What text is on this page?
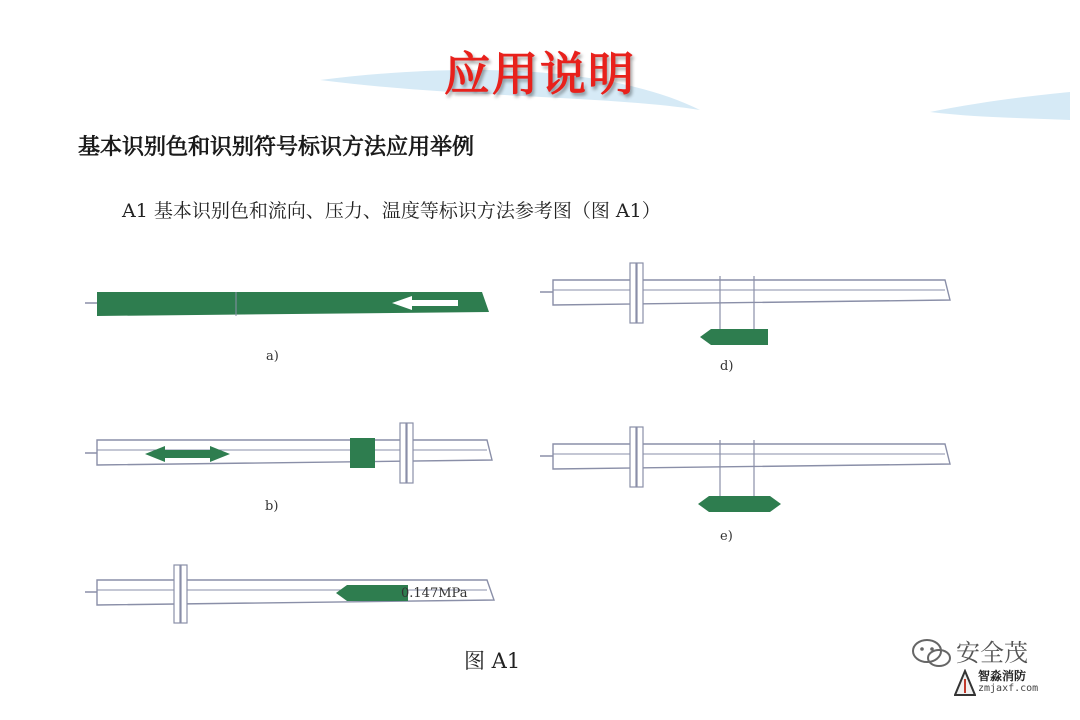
应用说明
基本识别色和识别符号标识方法应用举例
A1 基本识别色和流向、压力、温度等标识方法参考图（图 A1）
a)
b)
0.147MPa
d)
e)
图 A1	安全茂
智淼消防
zmjaxf.com
